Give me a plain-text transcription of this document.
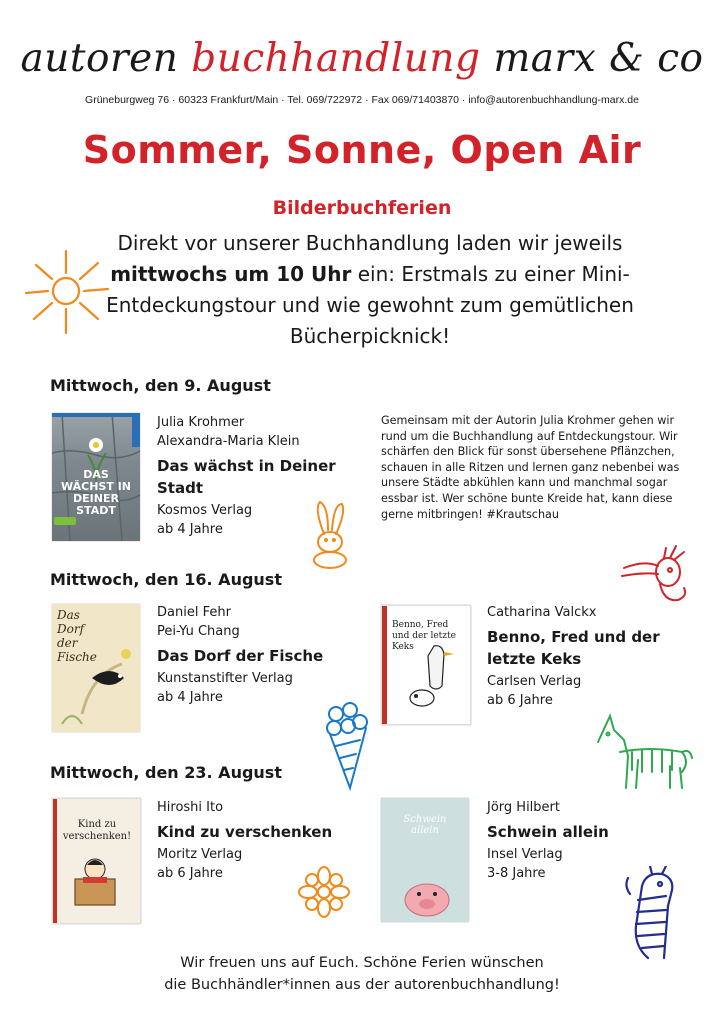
autoren buchhandlung marx & co
Grüneburgweg 76 · 60323 Frankfurt/Main · Tel. 069/722972 · Fax 069/71403870 · info@autorenbuchhandlung-marx.de
Sommer, Sonne, Open Air
Bilderbuchferien
Direkt vor unserer Buchhandlung laden wir jeweils mittwochs um 10 Uhr ein: Erstmals zu einer Mini-Entdeckungstour und wie gewohnt zum gemütlichen Bücherpicknick!
Mittwoch, den 9. August
DAS WÄCHST IN DEINER STADT
Julia Krohmer
Alexandra-Maria Klein
Das wächst in Deiner Stadt
Kosmos Verlag
ab 4 Jahre
Gemeinsam mit der Autorin Julia Krohmer gehen wir rund um die Buchhandlung auf Entdeckungstour. Wir schärfen den Blick für sonst übersehene Pflänzchen, schauen in alle Ritzen und lernen ganz nebenbei was unsere Städte abkühlen kann und manchmal sogar essbar ist. Wer schöne bunte Kreide hat, kann diese gerne mitbringen! #Krautschau
Mittwoch, den 16. August
Das Dorf der Fische
Daniel Fehr
Pei-Yu Chang
Das Dorf der Fische
Kunstanstifter Verlag
ab 4 Jahre
Benno, Fred und der letzte Keks
Catharina Valckx
Benno, Fred und der letzte Keks
Carlsen Verlag
ab 6 Jahre
Mittwoch, den 23. August
Kind zu verschenken!
Hiroshi Ito
Kind zu verschenken
Moritz Verlag
ab 6 Jahre
Schwein allein
Jörg Hilbert
Schwein allein
Insel Verlag
3-8 Jahre
Wir freuen uns auf Euch. Schöne Ferien wünschen
die Buchhändler*innen aus der autorenbuchhandlung!
